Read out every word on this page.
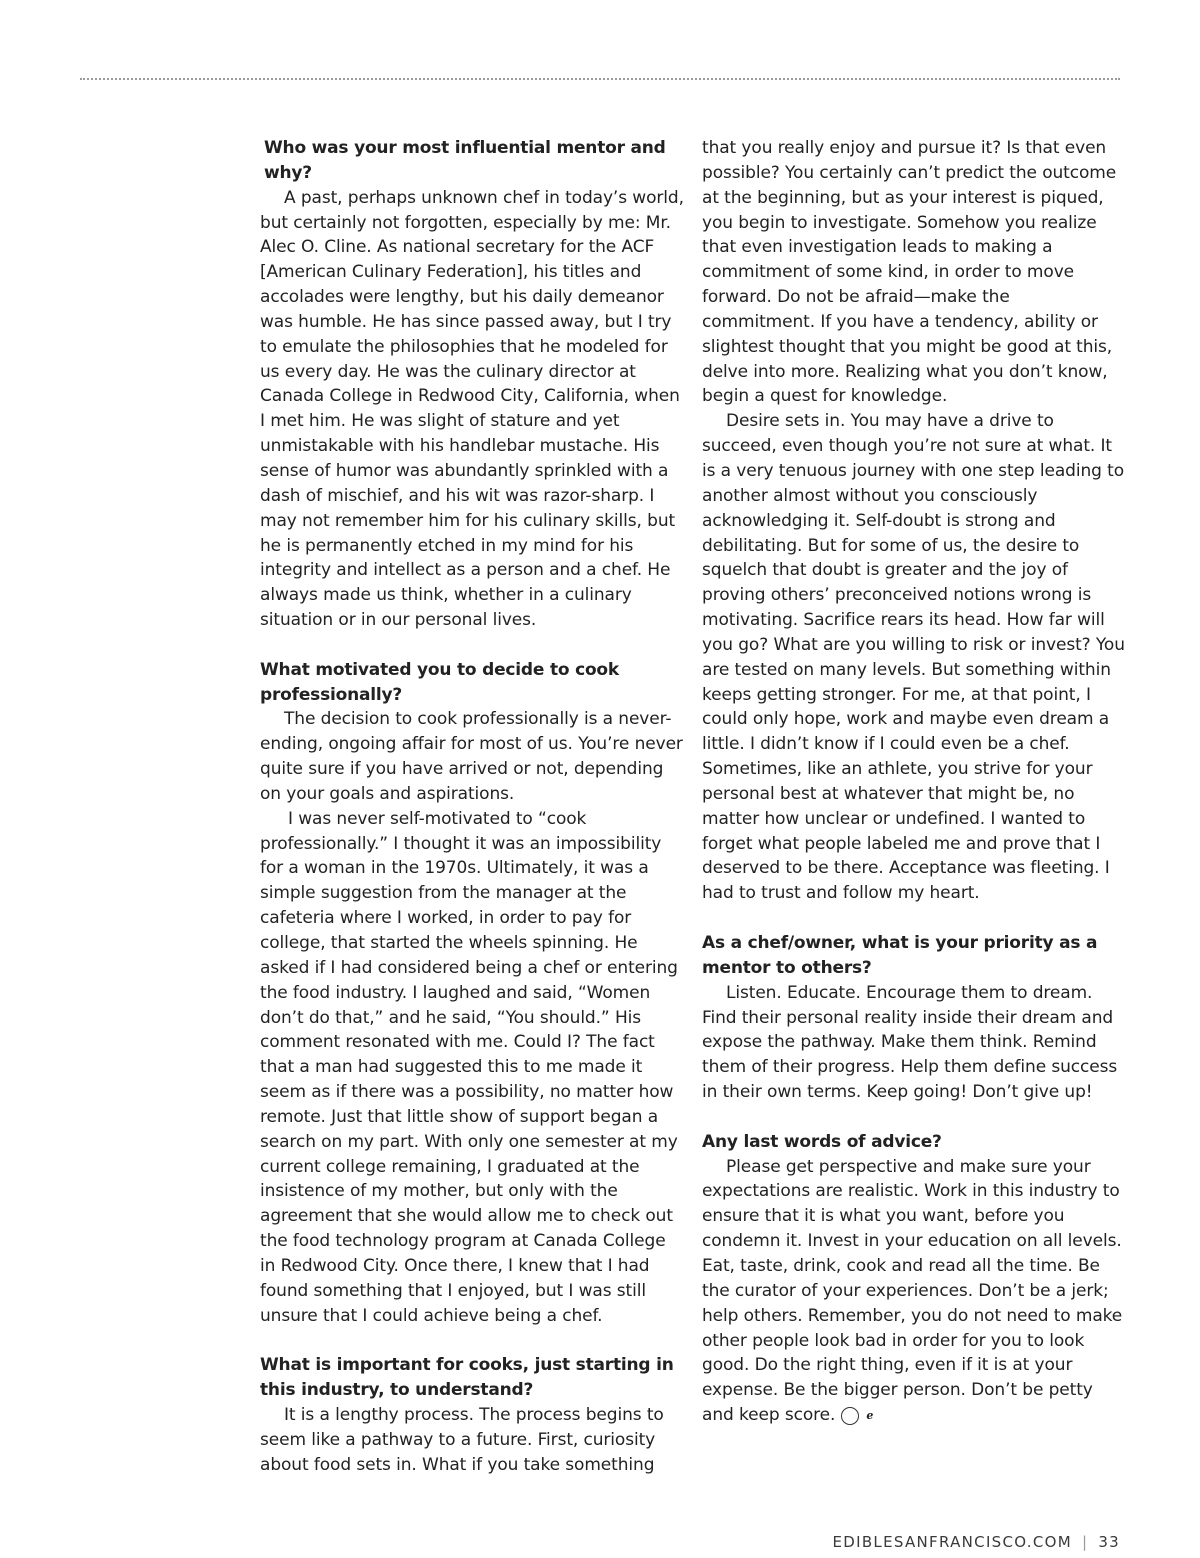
Who was your most influential mentor and why?

A past, perhaps unknown chef in today’s world, but certainly not forgotten, especially by me: Mr. Alec O. Cline. As national secretary for the ACF [American Culinary Federation], his titles and accolades were lengthy, but his daily demeanor was humble. He has since passed away, but I try to emulate the philosophies that he modeled for us every day. He was the culinary director at Canada College in Redwood City, California, when I met him. He was slight of stature and yet unmistakable with his handlebar mustache. His sense of humor was abundantly sprinkled with a dash of mischief, and his wit was razor-sharp. I may not remember him for his culinary skills, but he is permanently etched in my mind for his integrity and intellect as a person and a chef. He always made us think, whether in a culinary situation or in our personal lives.

What motivated you to decide to cook professionally?

The decision to cook professionally is a never-ending, ongoing affair for most of us. You’re never quite sure if you have arrived or not, depending on your goals and aspirations.

I was never self-motivated to “cook professionally.” I thought it was an impossibility for a woman in the 1970s. Ultimately, it was a simple suggestion from the manager at the cafeteria where I worked, in order to pay for college, that started the wheels spinning. He asked if I had considered being a chef or entering the food industry. I laughed and said, “Women don’t do that,” and he said, “You should.” His comment resonated with me. Could I? The fact that a man had suggested this to me made it seem as if there was a possibility, no matter how remote. Just that little show of support began a search on my part. With only one semester at my current college remaining, I graduated at the insistence of my mother, but only with the agreement that she would allow me to check out the food technology program at Canada College in Redwood City. Once there, I knew that I had found something that I enjoyed, but I was still unsure that I could achieve being a chef.

What is important for cooks, just starting in this industry, to understand?

It is a lengthy process. The process begins to seem like a pathway to a future. First, curiosity about food sets in. What if you take something

that you really enjoy and pursue it? Is that even possible? You certainly can’t predict the outcome at the beginning, but as your interest is piqued, you begin to investigate. Somehow you realize that even investigation leads to making a commitment of some kind, in order to move forward. Do not be afraid—make the commitment. If you have a tendency, ability or slightest thought that you might be good at this, delve into more. Realizing what you don’t know, begin a quest for knowledge.

Desire sets in. You may have a drive to succeed, even though you’re not sure at what. It is a very tenuous journey with one step leading to another almost without you consciously acknowledging it. Self-doubt is strong and debilitating. But for some of us, the desire to squelch that doubt is greater and the joy of proving others’ preconceived notions wrong is motivating. Sacrifice rears its head. How far will you go? What are you willing to risk or invest? You are tested on many levels. But something within keeps getting stronger. For me, at that point, I could only hope, work and maybe even dream a little. I didn’t know if I could even be a chef. Sometimes, like an athlete, you strive for your personal best at whatever that might be, no matter how unclear or undefined. I wanted to forget what people labeled me and prove that I deserved to be there. Acceptance was fleeting. I had to trust and follow my heart.

As a chef/owner, what is your priority as a mentor to others?

Listen. Educate. Encourage them to dream. Find their personal reality inside their dream and expose the pathway. Make them think. Remind them of their progress. Help them define success in their own terms. Keep going! Don’t give up!

Any last words of advice?

Please get perspective and make sure your expectations are realistic. Work in this industry to ensure that it is what you want, before you condemn it. Invest in your education on all levels. Eat, taste, drink, cook and read all the time. Be the curator of your experiences. Don’t be a jerk; help others. Remember, you do not need to make other people look bad in order for you to look good. Do the right thing, even if it is at your expense. Be the bigger person. Don’t be petty and keep score.	e

EDIBLESANFRANCISCO.COM | 33
